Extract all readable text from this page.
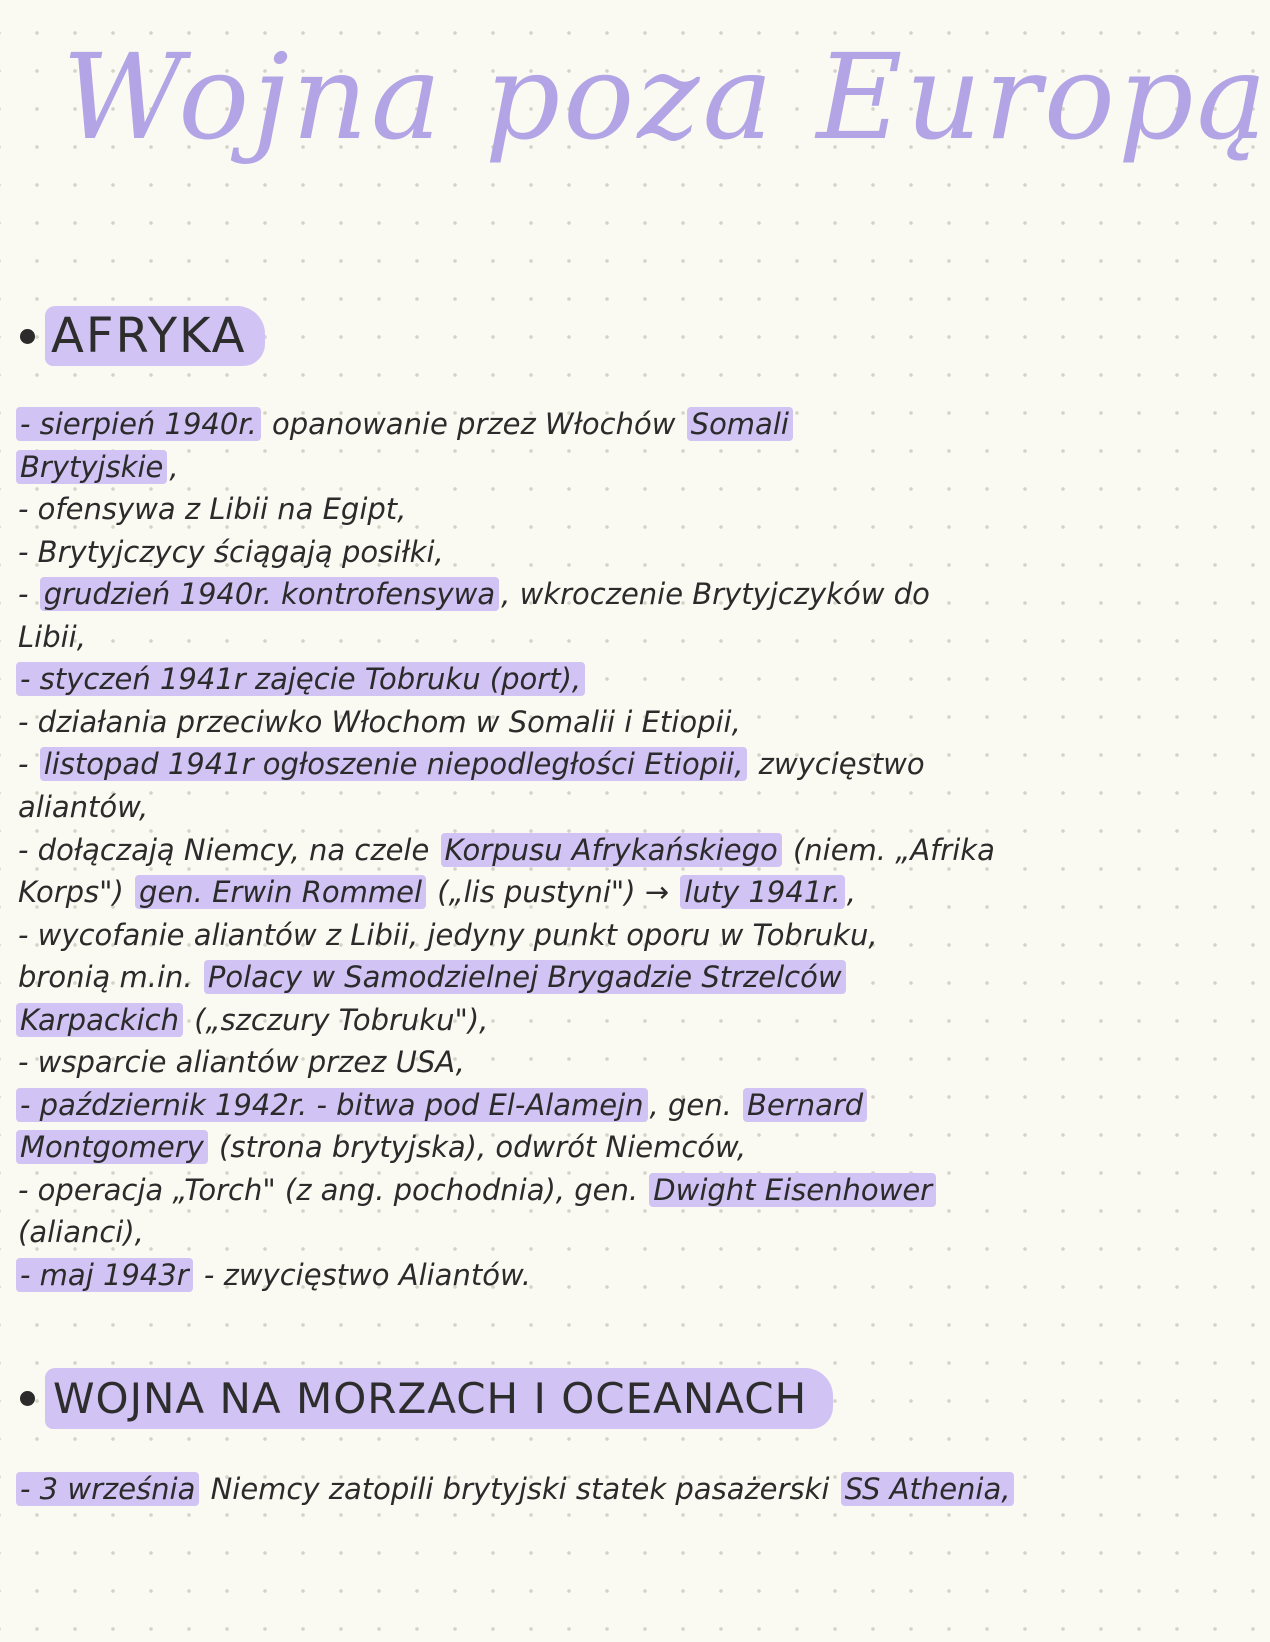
Wojna poza Europą
AFRYKA
- sierpień 1940r. opanowanie przez Włochów Somali
Brytyjskie ,
- ofensywa z Libii na Egipt,
- Brytyjczycy ściągają posiłki,
- grudzień 1940r. kontrofensywa , wkroczenie Brytyjczyków do
Libii,
- styczeń 1941r zajęcie Tobruku (port),
- działania przeciwko Włochom w Somalii i Etiopii,
- listopad 1941r ogłoszenie niepodległości Etiopii, zwycięstwo
aliantów,
- dołączają Niemcy, na czele Korpusu Afrykańskiego (niem. „Afrika
Korps") gen. Erwin Rommel („lis pustyni") → luty 1941r. ,
- wycofanie aliantów z Libii, jedyny punkt oporu w Tobruku,
bronią m.in. Polacy w Samodzielnej Brygadzie Strzelców
Karpackich („szczury Tobruku"),
- wsparcie aliantów przez USA,
- październik 1942r. - bitwa pod El-Alamejn , gen. Bernard
Montgomery (strona brytyjska), odwrót Niemców,
- operacja „Torch" (z ang. pochodnia), gen. Dwight Eisenhower
(alianci),
- maj 1943r - zwycięstwo Aliantów.
WOJNA NA MORZACH I OCEANACH
- 3 września Niemcy zatopili brytyjski statek pasażerski SS Athenia,
